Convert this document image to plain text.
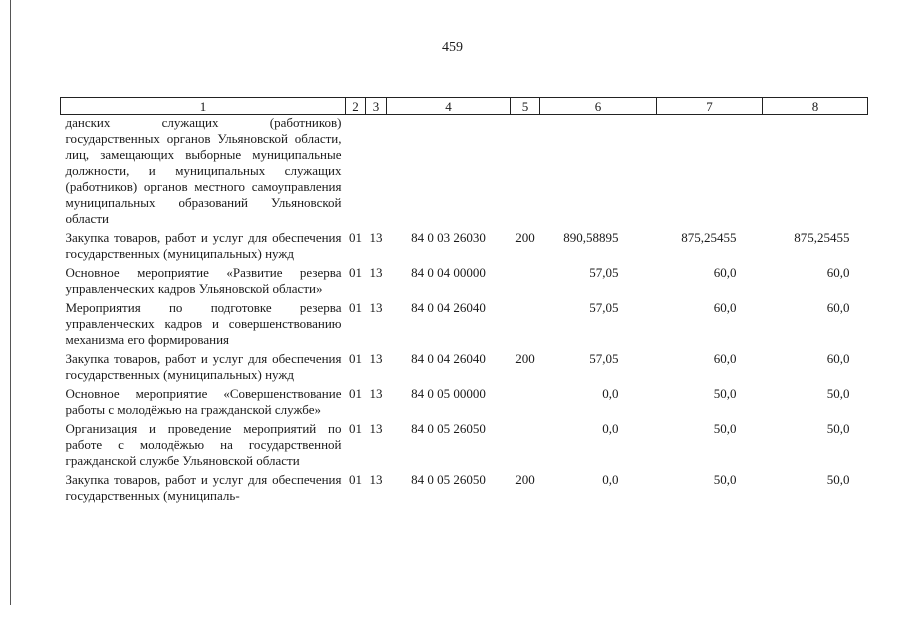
459
1	2	3	4	5	6	7	8
данских служащих (работников) государственных органов Ульяновской области, лиц, замещающих выборные муниципальные должности, и муниципальных служащих (работников) органов местного самоуправления муниципальных образований Ульяновской области							
Закупка товаров, работ и услуг для обеспечения государственных (муниципальных) нужд	01	13	84 0 03 26030	200	890,58895	875,25455	875,25455
Основное мероприятие «Развитие резерва управленческих кадров Ульяновской области»	01	13	84 0 04 00000		57,05	60,0	60,0
Мероприятия по подготовке резерва управленческих кадров и совершенствованию механизма его формирования	01	13	84 0 04 26040		57,05	60,0	60,0
Закупка товаров, работ и услуг для обеспечения государственных (муниципальных) нужд	01	13	84 0 04 26040	200	57,05	60,0	60,0
Основное мероприятие «Совершенствование работы с молодёжью на гражданской службе»	01	13	84 0 05 00000		0,0	50,0	50,0
Организация и проведение мероприятий по работе с молодёжью на государственной гражданской службе Ульяновской области	01	13	84 0 05 26050		0,0	50,0	50,0
Закупка товаров, работ и услуг для обеспечения государственных (муниципаль-	01	13	84 0 05 26050	200	0,0	50,0	50,0
